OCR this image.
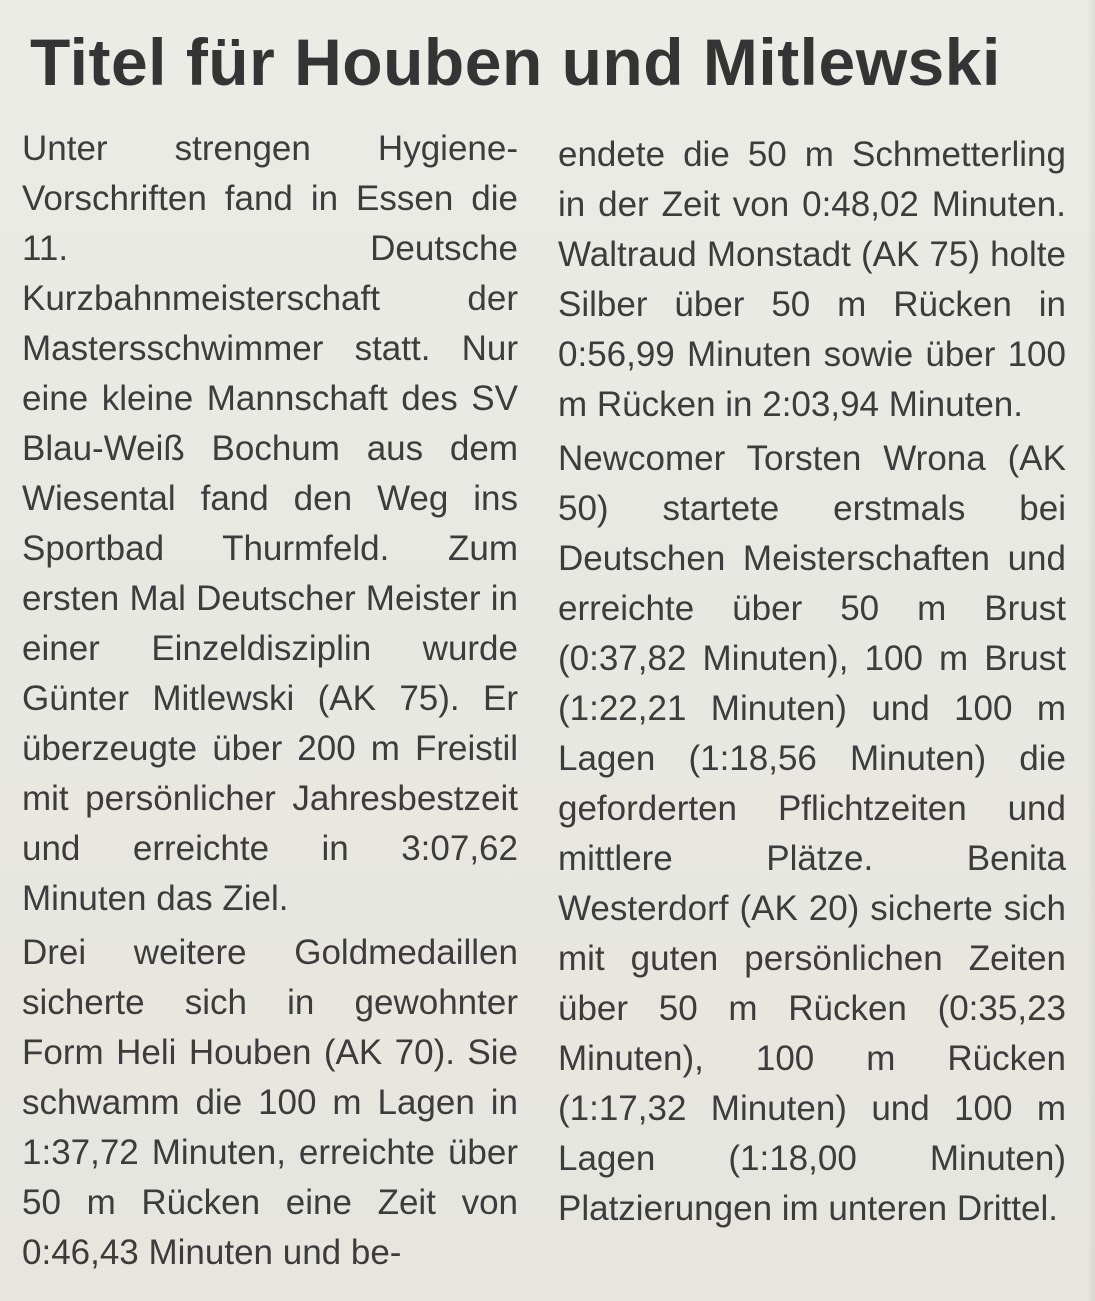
Titel für Houben und Mitlewski

Unter strengen Hygiene-Vorschriften fand in Essen die 11. Deutsche Kurzbahnmeisterschaft der Mastersschwimmer statt. Nur eine kleine Mannschaft des SV Blau-Weiß Bochum aus dem Wiesental fand den Weg ins Sportbad Thurmfeld. Zum ersten Mal Deutscher Meister in einer Einzeldisziplin wurde Günter Mitlewski (AK 75). Er überzeugte über 200 m Freistil mit persönlicher Jahresbestzeit und erreichte in 3:07,62 Minuten das Ziel.

Drei weitere Goldmedaillen sicherte sich in gewohnter Form Heli Houben (AK 70). Sie schwamm die 100 m Lagen in 1:37,72 Minuten, erreichte über 50 m Rücken eine Zeit von 0:46,43 Minuten und be-

endete die 50 m Schmetterling in der Zeit von 0:48,02 Minuten. Waltraud Monstadt (AK 75) holte Silber über 50 m Rücken in 0:56,99 Minuten sowie über 100 m Rücken in 2:03,94 Minuten.

Newcomer Torsten Wrona (AK 50) startete erstmals bei Deutschen Meisterschaften und erreichte über 50 m Brust (0:37,82 Minuten), 100 m Brust (1:22,21 Minuten) und 100 m Lagen (1:18,56 Minuten) die geforderten Pflichtzeiten und mittlere Plätze. Benita Westerdorf (AK 20) sicherte sich mit guten persönlichen Zeiten über 50 m Rücken (0:35,23 Minuten), 100 m Rücken (1:17,32 Minuten) und 100 m Lagen (1:18,00 Minuten) Platzierungen im unteren Drittel.
